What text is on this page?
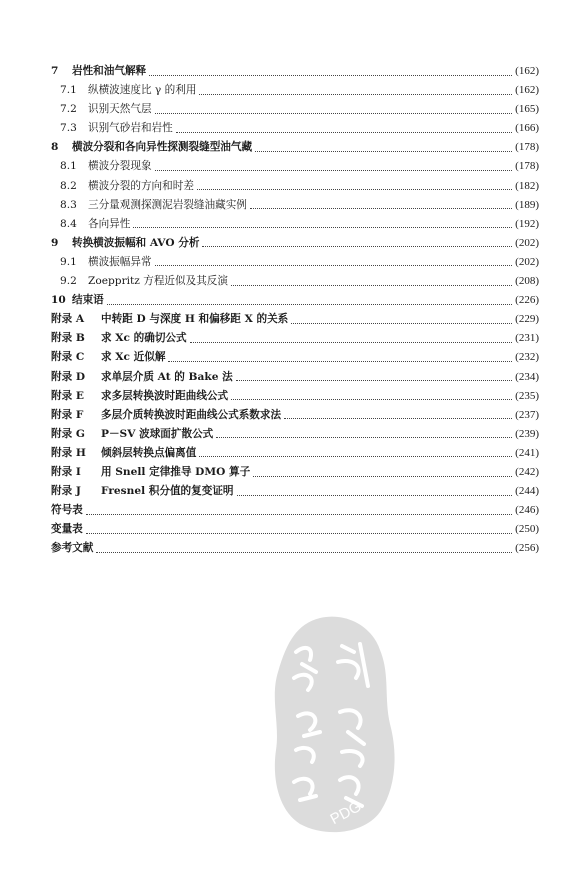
7	岩性和油气解释	(162)
7.1	纵横波速度比 γ 的利用	(162)
7.2	识别天然气层	(165)
7.3	识别气砂岩和岩性	(166)
8	横波分裂和各向异性探测裂缝型油气藏	(178)
8.1	横波分裂现象	(178)
8.2	横波分裂的方向和时差	(182)
8.3	三分量观测探测泥岩裂缝油藏实例	(189)
8.4	各向异性	(192)
9	转换横波振幅和 AVO 分析	(202)
9.1	横波振幅异常	(202)
9.2	Zoeppritz 方程近似及其反演	(208)
10 结束语	(226)
附录 A	中转距 D 与深度 H 和偏移距 X 的关系	(229)
附录 B	求 Xc 的确切公式	(231)
附录 C	求 Xc 近似解	(232)
附录 D	求单层介质 At 的 Bake 法	(234)
附录 E	求多层转换波时距曲线公式	(235)
附录 F	多层介质转换波时距曲线公式系数求法	(237)
附录 G	P－SV 波球面扩散公式	(239)
附录 H	倾斜层转换点偏离值	(241)
附录 I	用 Snell 定律推导 DMO 算子	(242)
附录 J	Fresnel 积分值的复变证明	(244)
符号表	(246)
变量表	(250)
参考文献	(256)
PDG
